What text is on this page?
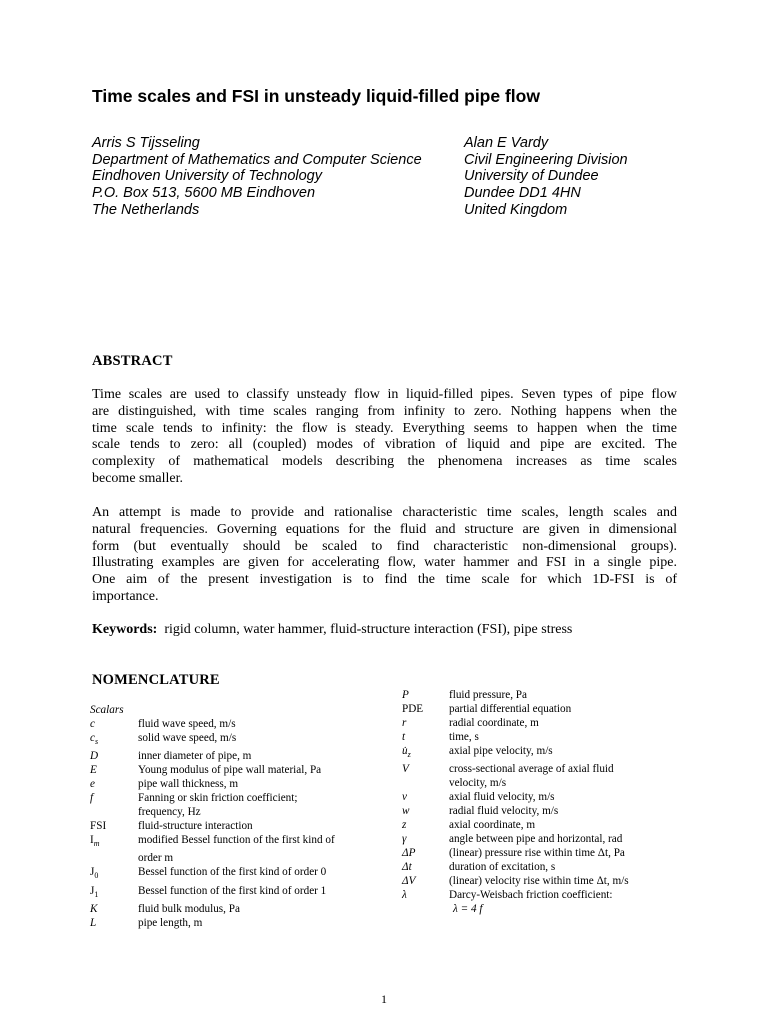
Time scales and FSI in unsteady liquid-filled pipe flow
Arris S Tijsseling
Department of Mathematics and Computer Science
Eindhoven University of Technology
P.O. Box 513, 5600 MB Eindhoven
The Netherlands
Alan E Vardy
Civil Engineering Division
University of Dundee
Dundee DD1 4HN
United Kingdom
ABSTRACT
Time scales are used to classify unsteady flow in liquid-filled pipes. Seven types of pipe flow
are distinguished, with time scales ranging from infinity to zero. Nothing happens when the
time scale tends to infinity: the flow is steady. Everything seems to happen when the time
scale tends to zero: all (coupled) modes of vibration of liquid and pipe are excited. The
complexity of mathematical models describing the phenomena increases as time scales
become smaller.
An attempt is made to provide and rationalise characteristic time scales, length scales and
natural frequencies. Governing equations for the fluid and structure are given in dimensional
form (but eventually should be scaled to find characteristic non-dimensional groups).
Illustrating examples are given for accelerating flow, water hammer and FSI in a single pipe.
One aim of the present investigation is to find the time scale for which 1D-FSI is of
importance.
Keywords: rigid column, water hammer, fluid-structure interaction (FSI), pipe stress
NOMENCLATURE
Scalars
c	fluid wave speed, m/s
$c_s$	solid wave speed, m/s
D	inner diameter of pipe, m
E	Young modulus of pipe wall material, Pa
e	pipe wall thickness, m
f	Fanning or skin friction coefficient;
frequency, Hz
FSI	fluid-structure interaction
$I_m$	modified Bessel function of the first kind of
order m
$J_0$	Bessel function of the first kind of order 0
$J_1$	Bessel function of the first kind of order 1
K	fluid bulk modulus, Pa
L	pipe length, m
P	fluid pressure, Pa
PDE	partial differential equation
r	radial coordinate, m
t	time, s
$u̇_z$	axial pipe velocity, m/s
V	cross-sectional average of axial fluid
velocity, m/s
v	axial fluid velocity, m/s
w	radial fluid velocity, m/s
z	axial coordinate, m
γ	angle between pipe and horizontal, rad
ΔP	(linear) pressure rise within time Δt, Pa
Δt	duration of excitation, s
ΔV	(linear) velocity rise within time Δt, m/s
λ	Darcy-Weisbach friction coefficient:
λ = 4 f
1
